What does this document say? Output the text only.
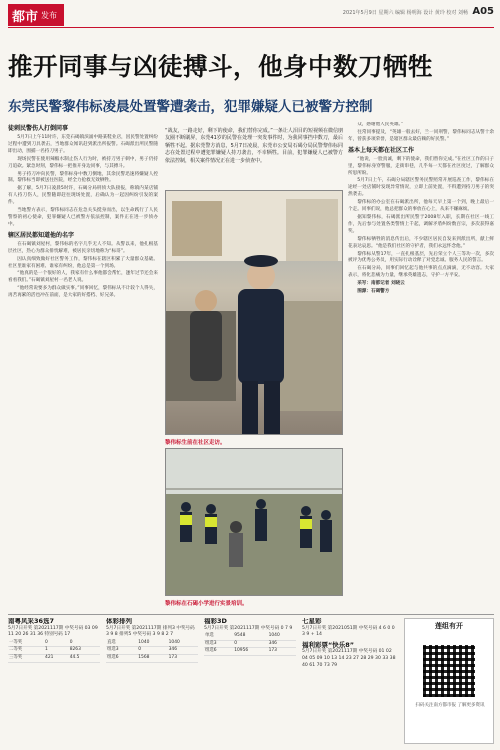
都市 发布	2021年5月9日 星期六 编辑 杨明海 设计 黄玲 校对 刘畅 A05
推开同事与凶徒搏斗，他身中数刀牺牲
东莞民警黎伟标凌晨处置警遭袭击，犯罪嫌疑人已被警方控制
徒刺民警伤人打倒同事

5月7日上午11时许，东莞石碣镇滨涌中路某鞋业店，因民警处置纠纷过程中遭到刀具袭击，当地群众闻讯赶到派出所报警。石碣派出所民警随即出动，围捕一名持刀男子。

现场民警在使用辣椒水制止伤人行为时，被持刀男子刺中，男子仍持刀追砍。紧急时刻，黎伟标一把推开身边同事，与其搏斗。

男子持刀冲向民警，黎伟标身中数刀倒地，其余民警迅速将嫌疑人控制。黎伟标当即被送往医院，经全力抢救无效牺牲。

据了解，5月7日凌晨5时许，石碣分局刑侦大队接报，称镇内某店铺有人持刀伤人，民警随即赶往现场处置，后确认为一起因纠纷引发的案件。

当地警方表示，黎伟标同志在危急关头挺身而出，以生命践行了人民警察的初心使命，犯罪嫌疑人已被警方依法控制，案件正在进一步侦办中。

辖区居民都知道他的名字

在石碣镇刘屋村，黎伟标的名字几乎无人不知。从警以来，他扎根基层社区，热心为群众排忧解难，被居民亲切地称为“标哥”。

因认真细致做好社区警务工作，黎伟标在辖区积累了大量群众基础。社区里谁家有困难、谁家有纠纷，他总是第一个到场。

“他真的是一个很好的人，我家有什么事他都会帮忙，逢年过节还会来看看我们。”石碣镇刘屋村一名老人说。

“他经常说要多为群众做实事。”同事回忆，黎伟标从不计较个人得失，再苦再累的活也冲在前面，是大家的好搭档、好兄弟。

“战友，一路走好，剩下的使命，我们替你完成。”一条让人泪目的短视频在微信朋友圈不断刷屏，东莞41岁的民警在处理一突发事件时，为我同事挡中数刀，最后牺牲不起。据东莞警方消息，5月7日凌晨，东莞市公安局石碣分局民警黎伟标同志在处置过程中遭犯罪嫌疑人持刀袭击，不幸牺牲。目前，犯罪嫌疑人已被警方依法控制，相关案件情况正在进一步侦查中。
黎伟标生前在社区走访。
黎伟标在石碣小学进行实景培训。

众，感谢他人民英雄。”

往常同事提及，“英雄一般去好，兰一同刑警，黎伟标同志从警十余年，曾获多项荣誉，是辖区群众最信赖的好民警。”

基本上每天都在社区工作

“他说，一脸真诚，剩下的使命，我们替你完成。”在社区工作的日子里，黎伟标身穿警服，走街串巷，几乎每一天都在社区度过，了解群众所思所盼。

5月7日上午，石碣分局辖区警务民警照常开展巡查工作，黎伟标在途经一处店铺时发现异常情况，立即上前处置，不料遭到持刀男子的突然袭击。

黎伟标的办公室在石碣派出所，他每天早上第一个到，晚上最后一个走。同事们说，他总把群众的事放在心上，从来不嫌麻烦。

据知黎伟标，石碣派出所民警于2008年入职，长期在社区一线工作，先后参与处置各类警情上千起，调解矛盾纠纷数百宗，多次获得嘉奖。

黎伟标牺牲的消息传出后，不少辖区居民自发来到派出所，献上鲜花表达哀思。“他是我们社区的守护者，我们永远怀念他。”

黎伟标从警17年，一直扎根基层，先后荣立个人三等功一次，多次被评为优秀公务员，用实际行动诠释了对党忠诚、服务人民的誓言。

在石碣分局，同事们回忆起与他共事的点点滴滴，无不动容。大家表示，将化悲痛为力量，继承英雄遗志，守护一方平安。

采写：南都记者 刘晓云

图源：石碣警方

南粤风采36选7
5月7日开奖 第2021117期 中奖号码 03 09 11 20 26 31 36 特别号码 17
一等奖	0	0
二等奖	1	8263
三等奖	421	44.5
体彩排列
5月7日开奖 第2021117期 排列3 中奖号码 3 9 8 排列5 中奖号码 3 9 8 2 7
直选	1040	1040
组选3	0	346
组选6	1568	173
福彩3D
5月7日开奖 第2021117期 中奖号码 0 7 9
单选	9548	1040
组选3	0	346
组选6	10956	173
七星彩
5月7日开奖 第2021051期 中奖号码 4 6 0 0 3 9 + 14
福利彩票“快乐8”
5月7日开奖 第2021117期 中奖号码 01 02 04 05 09 10 13 14 23 27 28 29 30 33 38 40 61 70 73 79
莲组有开
扫码关注南方都市报 了解更多资讯
